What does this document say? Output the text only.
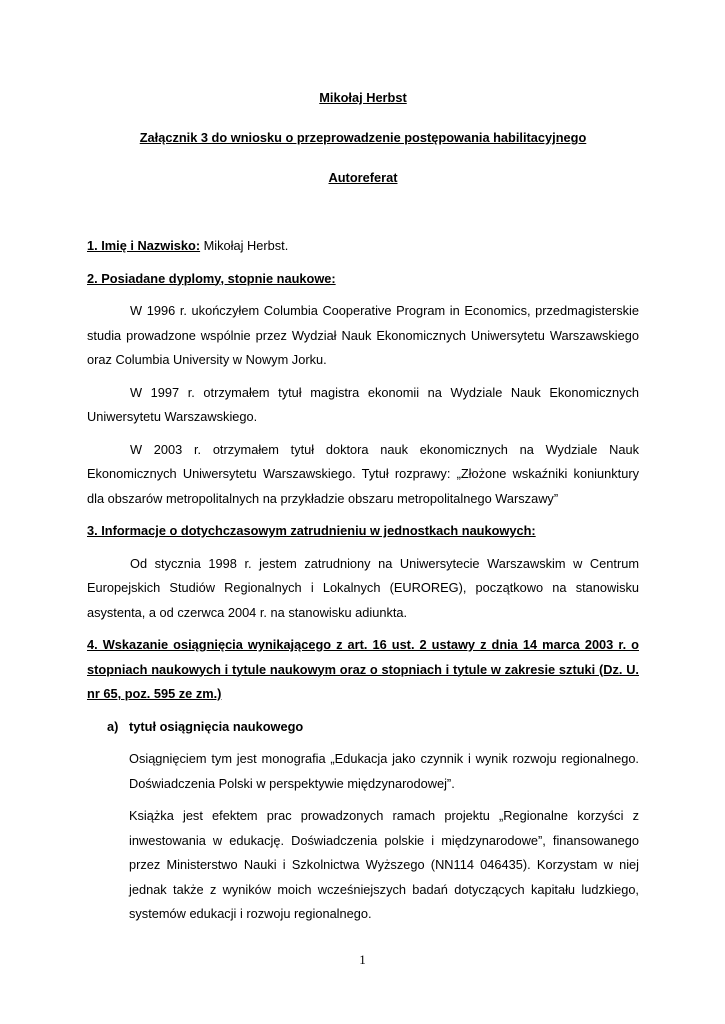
Mikołaj Herbst

Załącznik 3 do wniosku o przeprowadzenie postępowania habilitacyjnego

Autoreferat

1. Imię i Nazwisko: Mikołaj Herbst.

2. Posiadane dyplomy, stopnie naukowe:

W 1996 r. ukończyłem Columbia Cooperative Program in Economics, przedmagisterskie studia prowadzone wspólnie przez Wydział Nauk Ekonomicznych Uniwersytetu Warszawskiego oraz Columbia University w Nowym Jorku.

W 1997 r. otrzymałem tytuł magistra ekonomii na Wydziale Nauk Ekonomicznych Uniwersytetu Warszawskiego.

W 2003 r. otrzymałem tytuł doktora nauk ekonomicznych na Wydziale Nauk Ekonomicznych Uniwersytetu Warszawskiego. Tytuł rozprawy: „Złożone wskaźniki koniunktury dla obszarów metropolitalnych na przykładzie obszaru metropolitalnego Warszawy”

3. Informacje o dotychczasowym zatrudnieniu w jednostkach naukowych:

Od stycznia 1998 r. jestem zatrudniony na Uniwersytecie Warszawskim w Centrum Europejskich Studiów Regionalnych i Lokalnych (EUROREG), początkowo na stanowisku asystenta, a od czerwca 2004 r. na stanowisku adiunkta.

4. Wskazanie osiągnięcia wynikającego z art. 16 ust. 2 ustawy z dnia 14 marca 2003 r. o stopniach naukowych i tytule naukowym oraz o stopniach i tytule w zakresie sztuki (Dz. U. nr 65, poz. 595 ze zm.)

a) tytuł osiągnięcia naukowego

Osiągnięciem tym jest monografia „Edukacja jako czynnik i wynik rozwoju regionalnego. Doświadczenia Polski w perspektywie międzynarodowej”.

Książka jest efektem prac prowadzonych ramach projektu „Regionalne korzyści z inwestowania w edukację. Doświadczenia polskie i międzynarodowe”, finansowanego przez Ministerstwo Nauki i Szkolnictwa Wyższego (NN114 046435). Korzystam w niej jednak także z wyników moich wcześniejszych badań dotyczących kapitału ludzkiego, systemów edukacji i rozwoju regionalnego.

1
